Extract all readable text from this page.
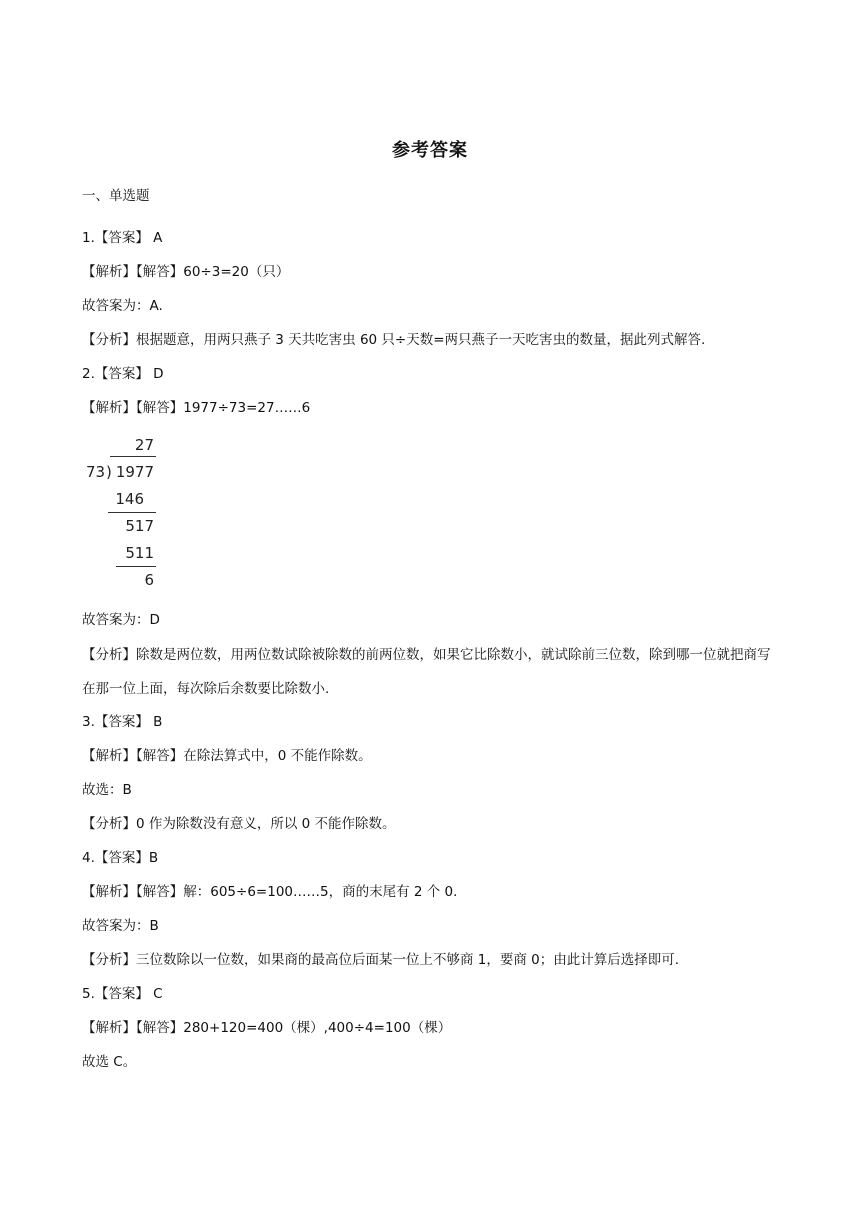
参考答案
一、单选题
1.【答案】 A
【解析】【解答】60÷3=20（只）
故答案为：A.
【分析】根据题意，用两只燕子 3 天共吃害虫 60 只÷天数=两只燕子一天吃害虫的数量，据此列式解答.
2.【答案】 D
【解析】【解答】1977÷73=27……6
27
73 ) 1977
146
517
511
6
故答案为：D
【分析】除数是两位数，用两位数试除被除数的前两位数，如果它比除数小，就试除前三位数，除到哪一位就把商写在那一位上面，每次除后余数要比除数小.
3.【答案】 B
【解析】【解答】在除法算式中，0 不能作除数。
故选：B
【分析】0 作为除数没有意义，所以 0 不能作除数。
4.【答案】B
【解析】【解答】解：605÷6=100……5，商的末尾有 2 个 0.
故答案为：B
【分析】三位数除以一位数，如果商的最高位后面某一位上不够商 1，要商 0；由此计算后选择即可.
5.【答案】 C
【解析】【解答】280+120=400（棵）,400÷4=100（棵）
故选 C。
